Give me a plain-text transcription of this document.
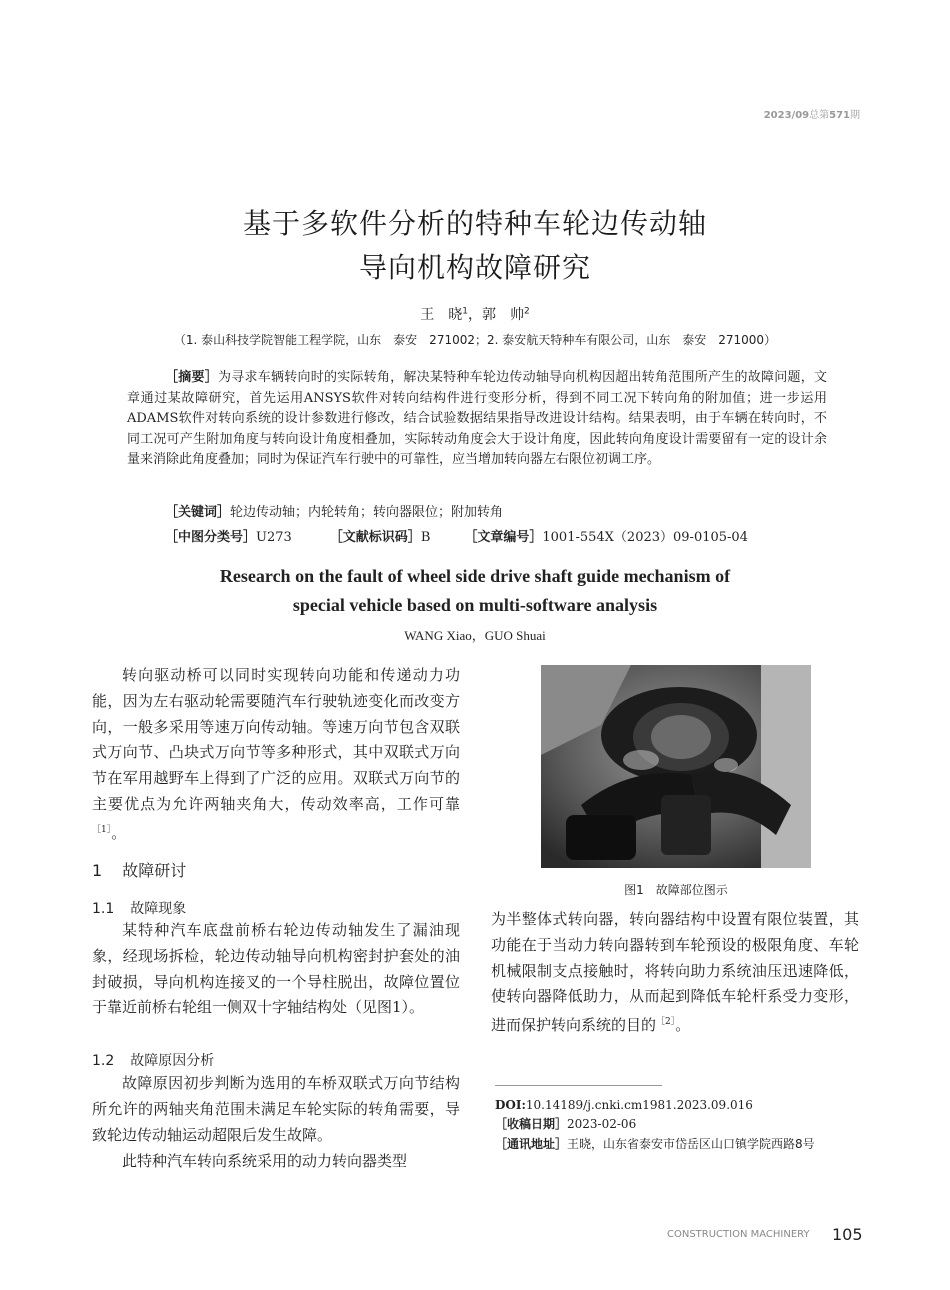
2023/09总第571期
基于多软件分析的特种车轮边传动轴
导向机构故障研究
王　晓$^1$，郭　帅$^2$
（1. 泰山科技学院智能工程学院，山东　泰安　271002；2. 泰安航天特种车有限公司，山东　泰安　271000）
［摘要］为寻求车辆转向时的实际转角，解决某特种车轮边传动轴导向机构因超出转角范围所产生的故障问题，文章通过某故障研究，首先运用ANSYS软件对转向结构件进行变形分析，得到不同工况下转向角的附加值；进一步运用ADAMS软件对转向系统的设计参数进行修改，结合试验数据结果指导改进设计结构。结果表明，由于车辆在转向时，不同工况可产生附加角度与转向设计角度相叠加，实际转动角度会大于设计角度，因此转向角度设计需要留有一定的设计余量来消除此角度叠加；同时为保证汽车行驶中的可靠性，应当增加转向器左右限位初调工序。
［关键词］轮边传动轴；内轮转角；转向器限位；附加转角
［中图分类号］U273	［文献标识码］B	［文章编号］1001-554X（2023）09-0105-04
Research on the fault of wheel side drive shaft guide mechanism of
special vehicle based on multi-software analysis
WANG Xiao，GUO Shuai
转向驱动桥可以同时实现转向功能和传递动力功能，因为左右驱动轮需要随汽车行驶轨迹变化而改变方向，一般多采用等速万向传动轴。等速万向节包含双联式万向节、凸块式万向节等多种形式，其中双联式万向节在军用越野车上得到了广泛的应用。双联式万向节的主要优点为允许两轴夹角大，传动效率高，工作可靠$^{[1]}$。
1 故障研讨
1.1 故障现象
某特种汽车底盘前桥右轮边传动轴发生了漏油现象，经现场拆检，轮边传动轴导向机构密封护套处的油封破损，导向机构连接叉的一个导柱脱出，故障位置位于靠近前桥右轮组一侧双十字轴结构处（见图1）。
1.2 故障原因分析
故障原因初步判断为选用的车桥双联式万向节结构所允许的两轴夹角范围未满足车轮实际的转角需要，导致轮边传动轴运动超限后发生故障。
此特种汽车转向系统采用的动力转向器类型
图1　故障部位图示
为半整体式转向器，转向器结构中设置有限位装置，其功能在于当动力转向器转到车轮预设的极限角度、车轮机械限制支点接触时，将转向助力系统油压迅速降低，使转向器降低助力，从而起到降低车轮杆系受力变形，进而保护转向系统的目的$^{[2]}$。
DOI:10.14189/j.cnki.cm1981.2023.09.016
［收稿日期］2023-02-06
［通讯地址］王晓，山东省泰安市岱岳区山口镇学院西路8号
CONSTRUCTION MACHINERY 105
